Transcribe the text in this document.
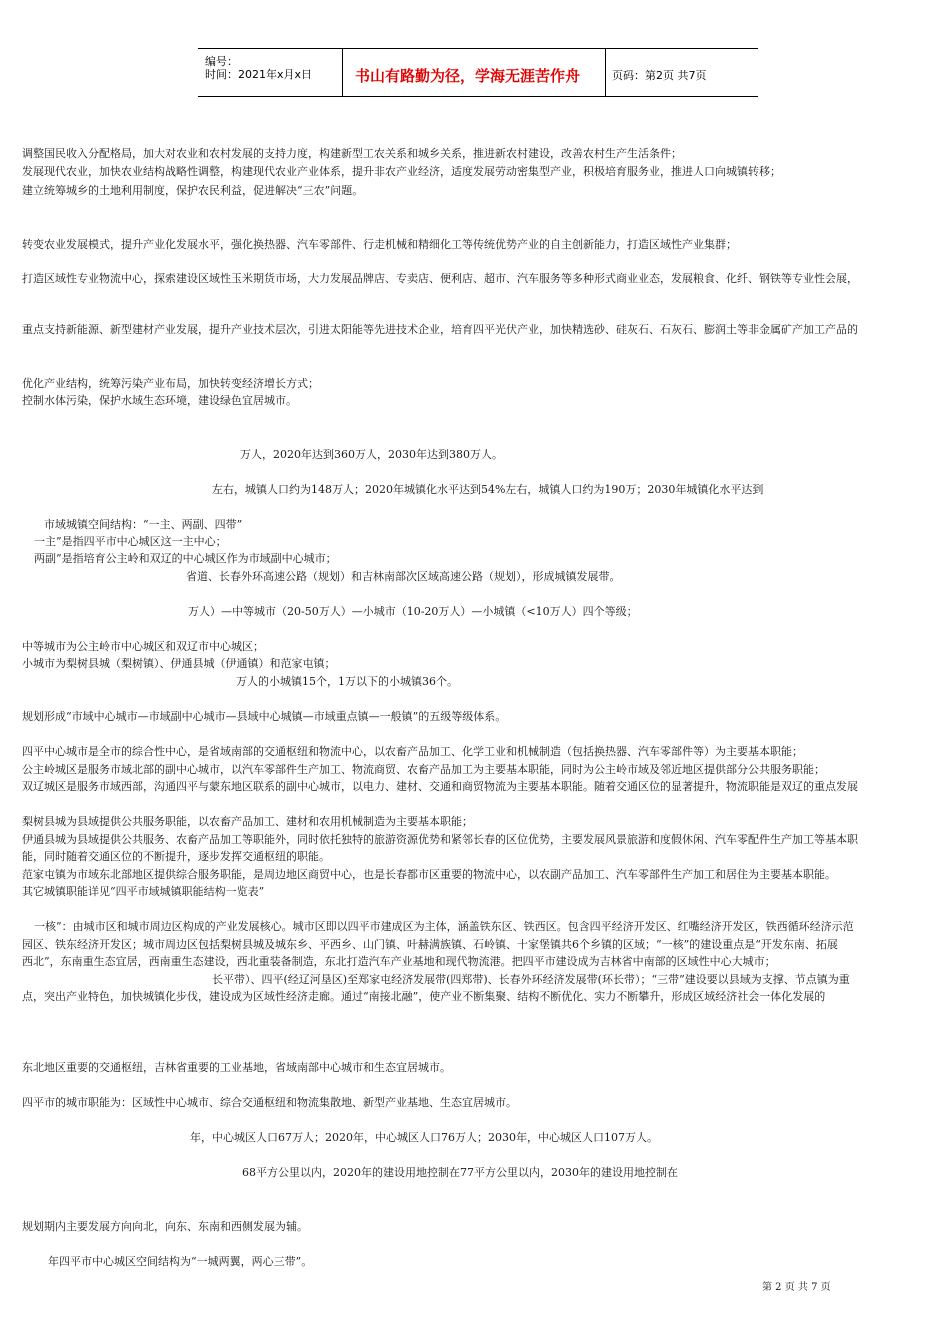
编号：
时间：2021年x月x日	书山有路勤为径，学海无涯苦作舟	页码：第2页 共7页
调整国民收入分配格局，加大对农业和农村发展的支持力度，构建新型工农关系和城乡关系，推进新农村建设，改善农村生产生活条件；
发展现代农业，加快农业结构战略性调整，构建现代农业产业体系，提升非农产业经济，适度发展劳动密集型产业，积极培育服务业，推进人口向城镇转移；
建立统筹城乡的土地利用制度，保护农民利益，促进解决“三农”问题。
转变农业发展模式，提升产业化发展水平，强化换热器、汽车零部件、行走机械和精细化工等传统优势产业的自主创新能力，打造区域性产业集群；
打造区域性专业物流中心，探索建设区域性玉米期货市场，大力发展品牌店、专卖店、便利店、超市、汽车服务等多种形式商业业态，发展粮食、化纤、钢铁等专业性会展，
重点支持新能源、新型建材产业发展，提升产业技术层次，引进太阳能等先进技术企业，培育四平光伏产业，加快精选砂、硅灰石、石灰石、膨润土等非金属矿产加工产品的
优化产业结构，统筹污染产业布局，加快转变经济增长方式；
控制水体污染，保护水域生态环境，建设绿色宜居城市。
万人，2020年达到360万人，2030年达到380万人。
左右，城镇人口约为148万人；2020年城镇化水平达到54%左右，城镇人口约为190万；2030年城镇化水平达到
市域城镇空间结构：“一主、两副、四带”
一主”是指四平市中心城区这一主中心；
两副”是指培育公主岭和双辽的中心城区作为市域副中心城市；
省道、长春外环高速公路（规划）和吉林南部次区域高速公路（规划），形成城镇发展带。
万人）—中等城市（20-50万人）—小城市（10-20万人）—小城镇（<10万人）四个等级；
中等城市为公主岭市中心城区和双辽市中心城区；
小城市为梨树县城（梨树镇）、伊通县城（伊通镇）和范家屯镇；
万人的小城镇15个，1万以下的小城镇36个。
规划形成“市域中心城市—市域副中心城市—县域中心城镇—市域重点镇—一般镇”的五级等级体系。
四平中心城市是全市的综合性中心，是省域南部的交通枢纽和物流中心，以农畜产品加工、化学工业和机械制造（包括换热器、汽车零部件等）为主要基本职能；
公主岭城区是服务市域北部的副中心城市，以汽车零部件生产加工、物流商贸、农畜产品加工为主要基本职能，同时为公主岭市域及邻近地区提供部分公共服务职能；
双辽城区是服务市域西部，沟通四平与蒙东地区联系的副中心城市，以电力、建材、交通和商贸物流为主要基本职能。随着交通区位的显著提升，物流职能是双辽的重点发展
梨树县城为县域提供公共服务职能，以农畜产品加工、建材和农用机械制造为主要基本职能；
伊通县城为县域提供公共服务、农畜产品加工等职能外，同时依托独特的旅游资源优势和紧邻长春的区位优势，主要发展风景旅游和度假休闲、汽车零配件生产加工等基本职
能，同时随着交通区位的不断提升，逐步发挥交通枢纽的职能。
范家屯镇为市域东北部地区提供综合服务职能，是周边地区商贸中心，也是长春都市区重要的物流中心，以农副产品加工、汽车零部件生产加工和居住为主要基本职能。
其它城镇职能详见“四平市域城镇职能结构一览表”
一核”：由城市区和城市周边区构成的产业发展核心。城市区即以四平市建成区为主体，涵盖铁东区、铁西区。包含四平经济开发区、红嘴经济开发区，铁西循环经济示范
园区、铁东经济开发区；城市周边区包括梨树县城及城东乡、平西乡、山门镇、叶赫满族镇、石岭镇、十家堡镇共6个乡镇的区域；“一核”的建设重点是“开发东南、拓展
西北”，东南重生态宜居，西南重生态建设，西北重装备制造，东北打造汽车产业基地和现代物流港。把四平市建设成为吉林省中南部的区域性中心大城市；
长平带）、四平(经辽河垦区)至郑家屯经济发展带(四郑带)、长春外环经济发展带(环长带）；“三带”建设要以县域为支撑、节点镇为重
点，突出产业特色，加快城镇化步伐，建设成为区域性经济走廊。通过“南接北融”，使产业不断集聚、结构不断优化、实力不断攀升，形成区域经济社会一体化发展的
东北地区重要的交通枢纽，吉林省重要的工业基地，省域南部中心城市和生态宜居城市。
四平市的城市职能为：区域性中心城市、综合交通枢纽和物流集散地、新型产业基地、生态宜居城市。
年，中心城区人口67万人；2020年，中心城区人口76万人；2030年，中心城区人口107万人。
68平方公里以内，2020年的建设用地控制在77平方公里以内，2030年的建设用地控制在
规划期内主要发展方向向北，向东、东南和西侧发展为辅。
年四平市中心城区空间结构为“一城两翼，两心三带”。
第 2 页 共 7 页
